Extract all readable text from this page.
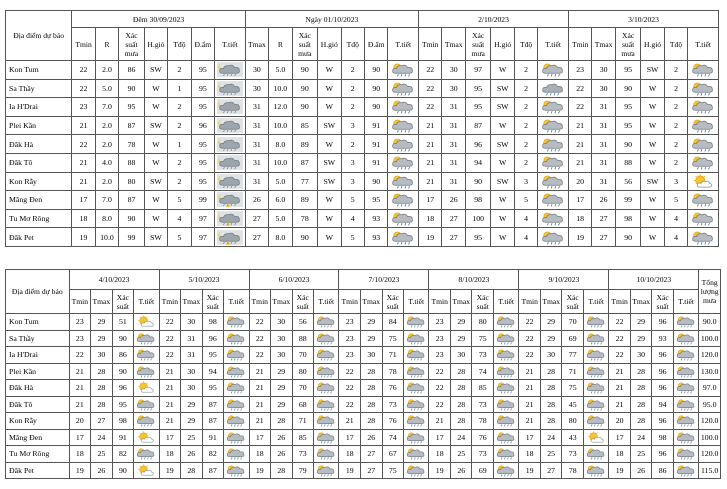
Địa điểm dự báo	Đêm 30/09/2023							Ngày 01/10/2023							2/10/2023						3/10/2023					
	Tmin	R	Xác suất mưa	H.gió	Tđộ	Đ.ẩm	T.tiết	Tmax	R	Xác suất mưa	H.gió	Tđộ	Đ.ẩm	T.tiết	Tmin	Tmax	Xác suất mưa	H.gió	Tđộ	T.tiết	Tmin	Tmax	Xác suất mưa	H.gió	Tđộ	T.tiết
Kon Tum	22	2.0	86	SW	2	95		30	5.0	90	W	2	90		22	30	97	W	2		23	30	95	SW	2	

Sa Thầy	22	5.0	90	W	1	95		30	10.0	90	W	2	90		22	30	95	SW	2		22	30	90	W	2	

Ia H'Drai	23	7.0	95	W	2	95		31	12.0	90	W	2	90		22	31	95	SW	2		22	31	95	W	2	

Plei Kần	21	2.0	87	SW	2	96		31	10.0	85	SW	3	91		21	31	87	W	2		21	31	95	W	2	

Đăk Hà	22	2.0	78	W	1	95		31	8.0	89	W	2	91		21	31	96	SW	2		21	31	90	W	2	

Đăk Tô	21	4.0	88	W	2	95		31	10.0	87	SW	3	91		21	31	94	W	2		21	31	88	W	2	

Kon Rẫy	21	2.0	80	SW	2	95		31	5.0	77	SW	3	90		21	31	90	SW	3		20	31	56	SW	3	

Măng Đen	17	7.0	87	W	5	99		26	6.0	89	W	5	95		17	26	98	W	5		17	26	99	W	5	

Tu Mơ Rông	18	8.0	90	W	4	97		27	5.0	78	W	4	93		18	27	100	W	4		18	27	98	W	4	

Đăk Pet	19	10.0	99	SW	5	97		27	8.0	90	W	5	93		19	27	95	W	4		19	27	90	W	4	
Địa điểm dự báo	4/10/2023				5/10/2023				6/10/2023				7/10/2023				8/10/2023				9/10/2023				10/10/2023				Tổng lượng mưa
	Tmin	Tmax	Xác suất	T.tiết	Tmin	Tmax	Xác suất	T.tiết	Tmin	Tmax	Xác suất	T.tiết	Tmin	Tmax	Xác suất	T.tiết	Tmin	Tmax	Xác suất	T.tiết	Tmin	Tmax	Xác suất	T.tiết	Tmin	Tmax	Xác suất	T.tiết	
Kon Tum	23	29	51		22	30	98		22	30	56		23	29	84		23	29	80		22	29	70		22	29	96		90.0
Sa Thầy	23	29	90		22	31	96		22	30	88		23	29	75		23	29	75		22	29	69		22	29	93		100.0
Ia H'Drai	22	30	86		22	31	95		22	30	70		23	30	71		23	30	73		22	30	77		22	30	96		120.0
Plei Kần	21	28	90		21	30	94		21	29	80		22	28	78		22	28	74		21	28	71		21	28	96		130.0
Đăk Hà	21	28	96		21	30	95		21	29	70		22	28	76		22	28	85		21	28	75		21	28	96		97.0
Đăk Tô	21	28	95		21	29	87		21	29	68		22	28	73		22	28	73		21	28	45		21	28	94		95.0
Kon Rẫy	20	27	98		21	29	87		21	28	71		21	28	76		21	28	78		21	28	80		20	28	96		120.0
Măng Đen	17	24	91		17	25	91		17	26	85		17	26	74		17	24	76		17	24	43		17	24	98		100.0
Tu Mơ Rông	18	25	82		18	26	82		18	26	73		18	27	67		18	25	73		18	25	73		18	25	96		120.0
Đăk Pet	19	26	90		19	28	87		19	28	79		19	27	75		19	26	69		19	27	78		19	26	86		115.0
